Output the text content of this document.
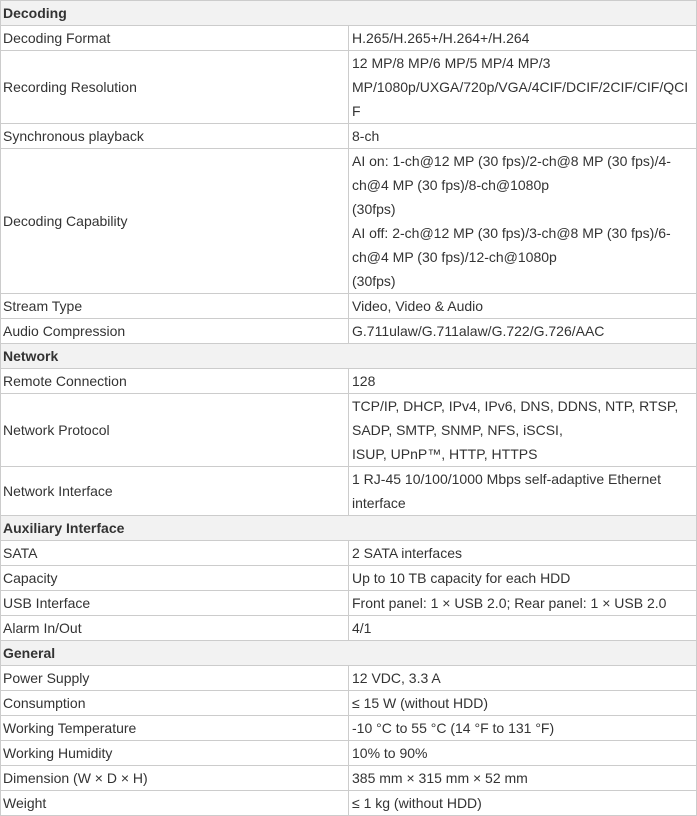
Decoding	
Decoding Format	H.265/H.265+/H.264+/H.264

Recording Resolution	12 MP/8 MP/6 MP/5 MP/4 MP/3
MP/1080p/UXGA/720p/VGA/4CIF/DCIF/2CIF/CIF/QCIF

Synchronous playback	8-ch

Decoding Capability	AI on: 1-ch@12 MP (30 fps)/2-ch@8 MP (30 fps)/4-ch@4 MP (30 fps)/8-ch@1080p
(30fps)
AI off: 2-ch@12 MP (30 fps)/3-ch@8 MP (30 fps)/6-ch@4 MP (30 fps)/12-ch@1080p
(30fps)

Stream Type	Video, Video & Audio

Audio Compression	G.711ulaw/G.711alaw/G.722/G.726/AAC

Network	
Remote Connection	128

Network Protocol	TCP/IP, DHCP, IPv4, IPv6, DNS, DDNS, NTP, RTSP, SADP, SMTP, SNMP, NFS, iSCSI,
ISUP, UPnP™, HTTP, HTTPS

Network Interface	1 RJ-45 10/100/1000 Mbps self-adaptive Ethernet interface

Auxiliary Interface	
SATA	2 SATA interfaces

Capacity	Up to 10 TB capacity for each HDD

USB Interface	Front panel: 1 × USB 2.0; Rear panel: 1 × USB 2.0

Alarm In/Out	4/1

General	
Power Supply	12 VDC, 3.3 A

Consumption	≤ 15 W (without HDD)

Working Temperature	-10 °C to 55 °C (14 °F to 131 °F)

Working Humidity	10% to 90%

Dimension (W × D × H)	385 mm × 315 mm × 52 mm

Weight	≤ 1 kg (without HDD)
